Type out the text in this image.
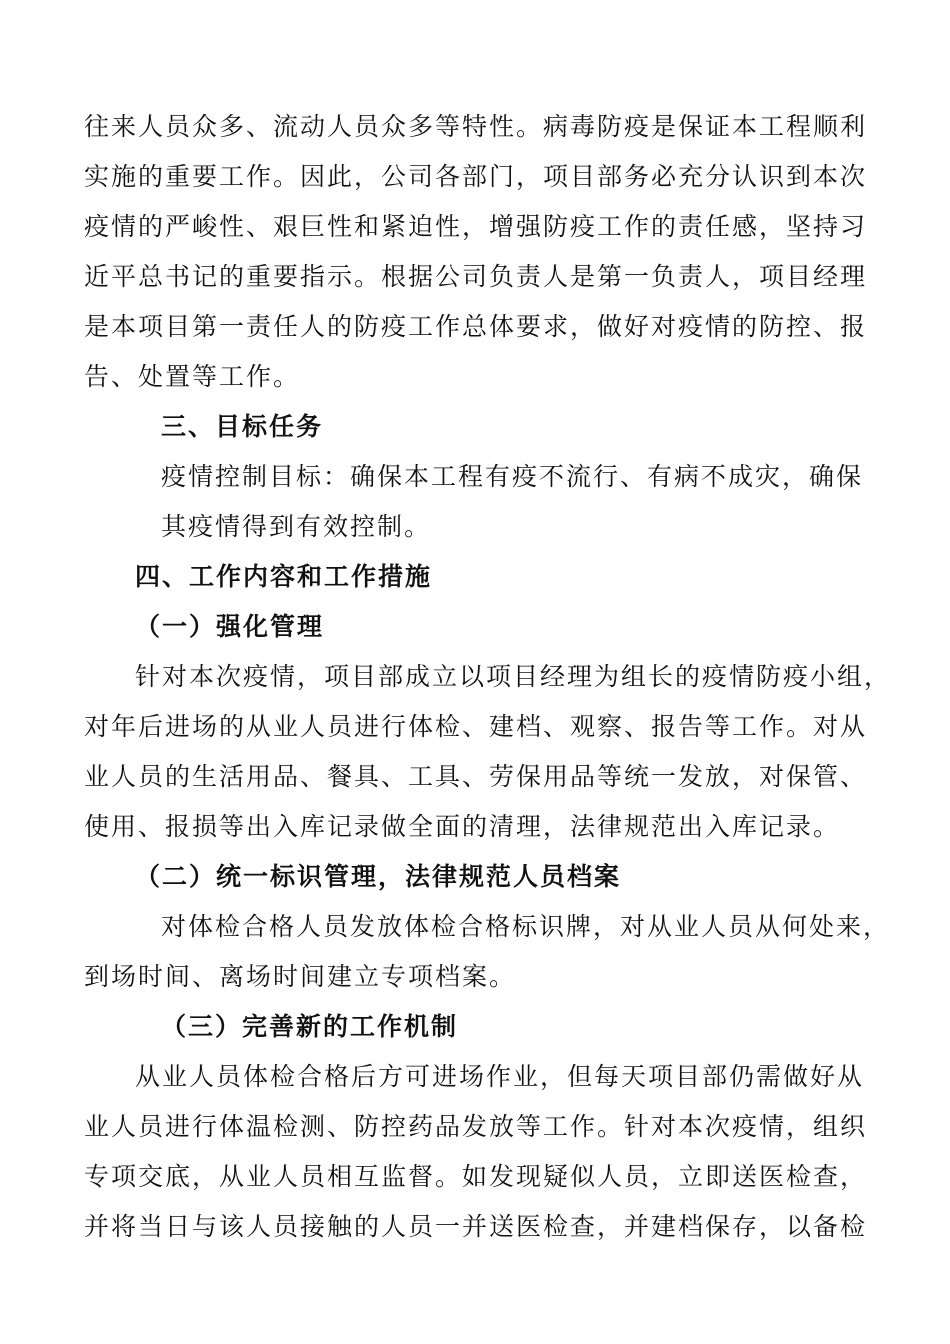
往来人员众多、流动人员众多等特性。病毒防疫是保证本工程顺利
实施的重要工作。因此，公司各部门，项目部务必充分认识到本次
疫情的严峻性、艰巨性和紧迫性，增强防疫工作的责任感，坚持习
近平总书记的重要指示。根据公司负责人是第一负责人，项目经理
是本项目第一责任人的防疫工作总体要求，做好对疫情的防控、报
告、处置等工作。
三、目标任务
疫情控制目标：确保本工程有疫不流行、有病不成灾，确保
其疫情得到有效控制。
四、工作内容和工作措施
（一）强化管理
针对本次疫情，项目部成立以项目经理为组长的疫情防疫小组，
对年后进场的从业人员进行体检、建档、观察、报告等工作。对从
业人员的生活用品、餐具、工具、劳保用品等统一发放，对保管、
使用、报损等出入库记录做全面的清理，法律规范出入库记录。
（二）统一标识管理，法律规范人员档案
对体检合格人员发放体检合格标识牌，对从业人员从何处来，
到场时间、离场时间建立专项档案。
（三）完善新的工作机制
从业人员体检合格后方可进场作业，但每天项目部仍需做好从
业人员进行体温检测、防控药品发放等工作。针对本次疫情，组织
专项交底，从业人员相互监督。如发现疑似人员，立即送医检查，
并将当日与该人员接触的人员一并送医检查，并建档保存，以备检
